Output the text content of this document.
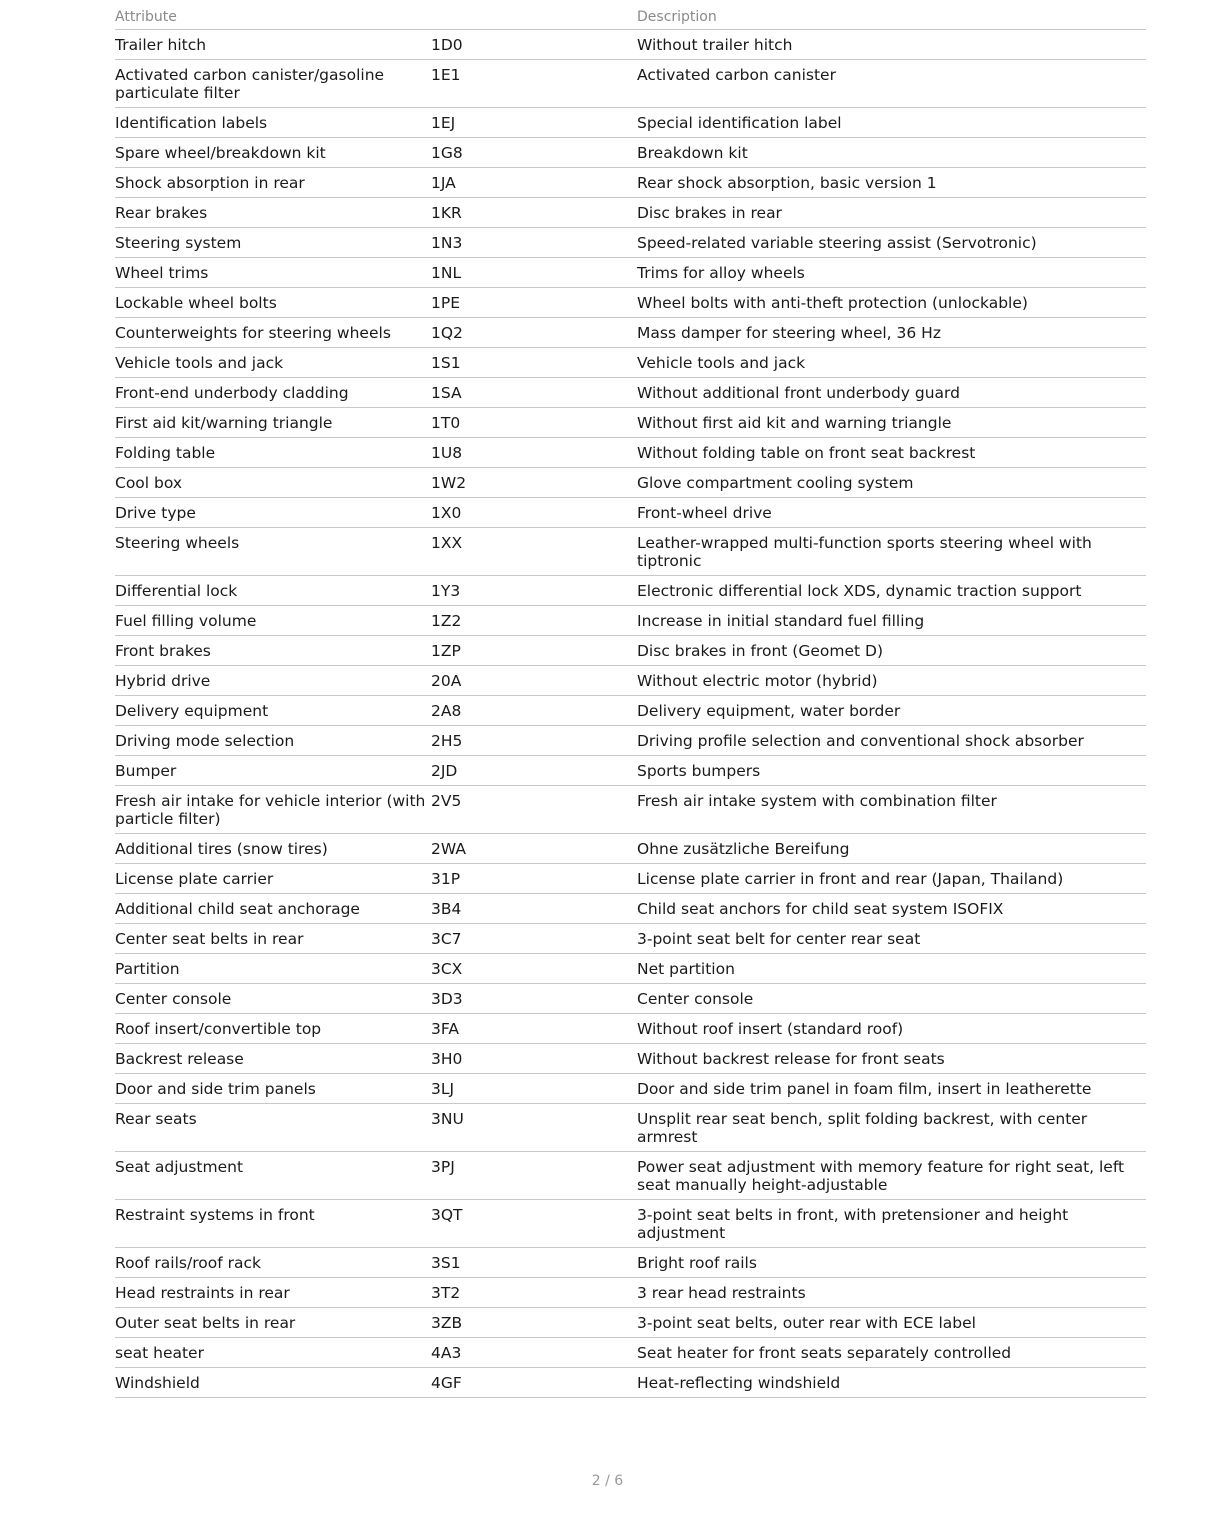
Attribute		Description
Trailer hitch	1D0	Without trailer hitch
Activated carbon canister/gasoline particulate filter	1E1	Activated carbon canister
Identification labels	1EJ	Special identification label
Spare wheel/breakdown kit	1G8	Breakdown kit
Shock absorption in rear	1JA	Rear shock absorption, basic version 1
Rear brakes	1KR	Disc brakes in rear
Steering system	1N3	Speed-related variable steering assist (Servotronic)
Wheel trims	1NL	Trims for alloy wheels
Lockable wheel bolts	1PE	Wheel bolts with anti-theft protection (unlockable)
Counterweights for steering wheels	1Q2	Mass damper for steering wheel, 36 Hz
Vehicle tools and jack	1S1	Vehicle tools and jack
Front-end underbody cladding	1SA	Without additional front underbody guard
First aid kit/warning triangle	1T0	Without first aid kit and warning triangle
Folding table	1U8	Without folding table on front seat backrest
Cool box	1W2	Glove compartment cooling system
Drive type	1X0	Front-wheel drive
Steering wheels	1XX	Leather-wrapped multi-function sports steering wheel with tiptronic
Differential lock	1Y3	Electronic differential lock XDS, dynamic traction support
Fuel filling volume	1Z2	Increase in initial standard fuel filling
Front brakes	1ZP	Disc brakes in front (Geomet D)
Hybrid drive	20A	Without electric motor (hybrid)
Delivery equipment	2A8	Delivery equipment, water border
Driving mode selection	2H5	Driving profile selection and conventional shock absorber
Bumper	2JD	Sports bumpers
Fresh air intake for vehicle interior (with particle filter)	2V5	Fresh air intake system with combination filter
Additional tires (snow tires)	2WA	Ohne zusätzliche Bereifung
License plate carrier	31P	License plate carrier in front and rear (Japan, Thailand)
Additional child seat anchorage	3B4	Child seat anchors for child seat system ISOFIX
Center seat belts in rear	3C7	3-point seat belt for center rear seat
Partition	3CX	Net partition
Center console	3D3	Center console
Roof insert/convertible top	3FA	Without roof insert (standard roof)
Backrest release	3H0	Without backrest release for front seats
Door and side trim panels	3LJ	Door and side trim panel in foam film, insert in leatherette
Rear seats	3NU	Unsplit rear seat bench, split folding backrest, with center armrest
Seat adjustment	3PJ	Power seat adjustment with memory feature for right seat, left seat manually height-adjustable
Restraint systems in front	3QT	3-point seat belts in front, with pretensioner and height adjustment
Roof rails/roof rack	3S1	Bright roof rails
Head restraints in rear	3T2	3 rear head restraints
Outer seat belts in rear	3ZB	3-point seat belts, outer rear with ECE label
seat heater	4A3	Seat heater for front seats separately controlled
Windshield	4GF	Heat-reflecting windshield
2 / 6
